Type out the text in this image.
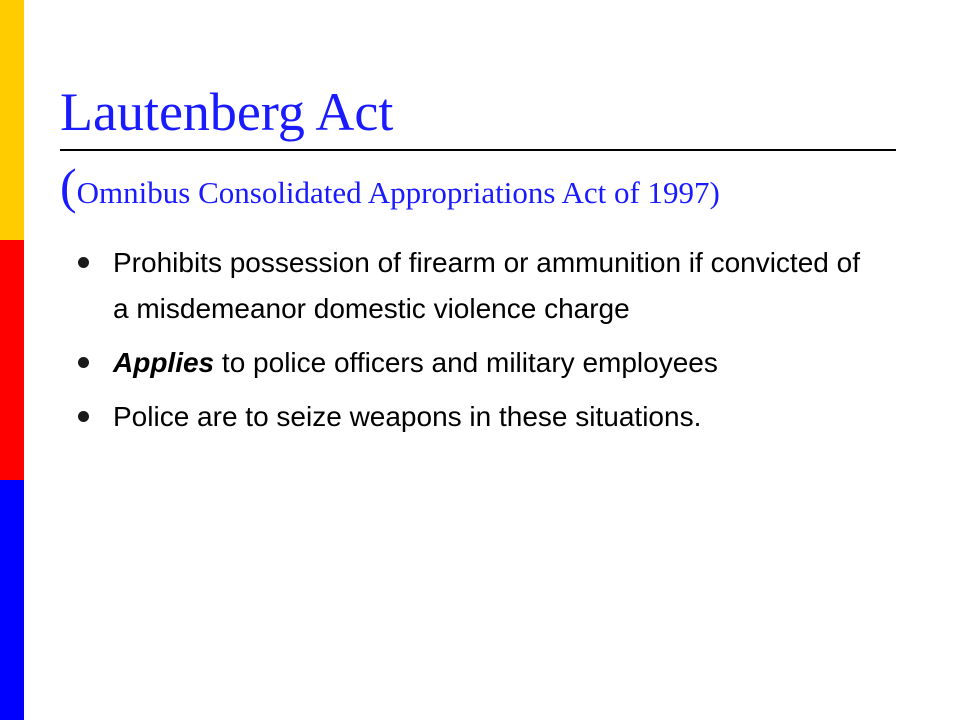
Lautenberg Act
(Omnibus Consolidated Appropriations Act of 1997)
Prohibits possession of firearm or ammunition if convicted of a misdemeanor domestic violence charge
Applies to police officers and military employees
Police are to seize weapons in these situations.
